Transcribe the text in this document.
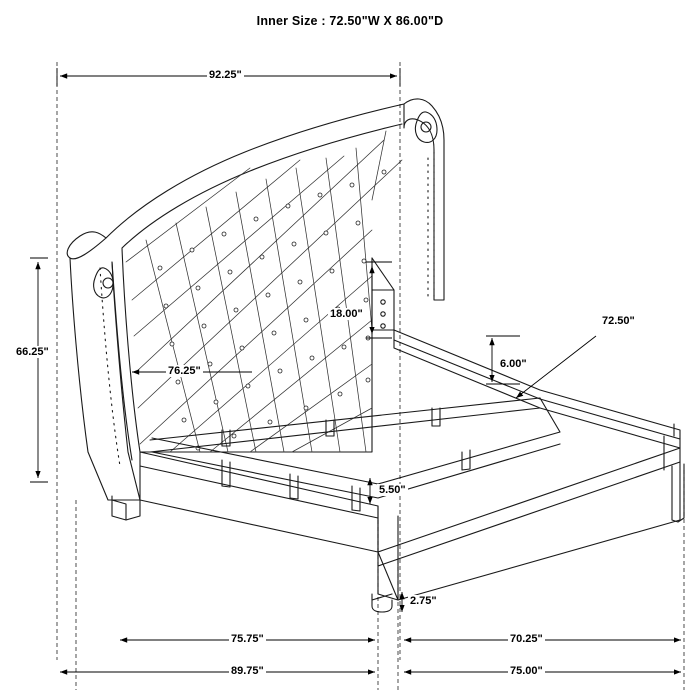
Inner Size : 72.50"W X 86.00"D
92.25"
66.25"
76.25"
18.00"
6.00"
72.50"
5.50"
2.75"
75.75"	70.25"
89.75"	75.00"
